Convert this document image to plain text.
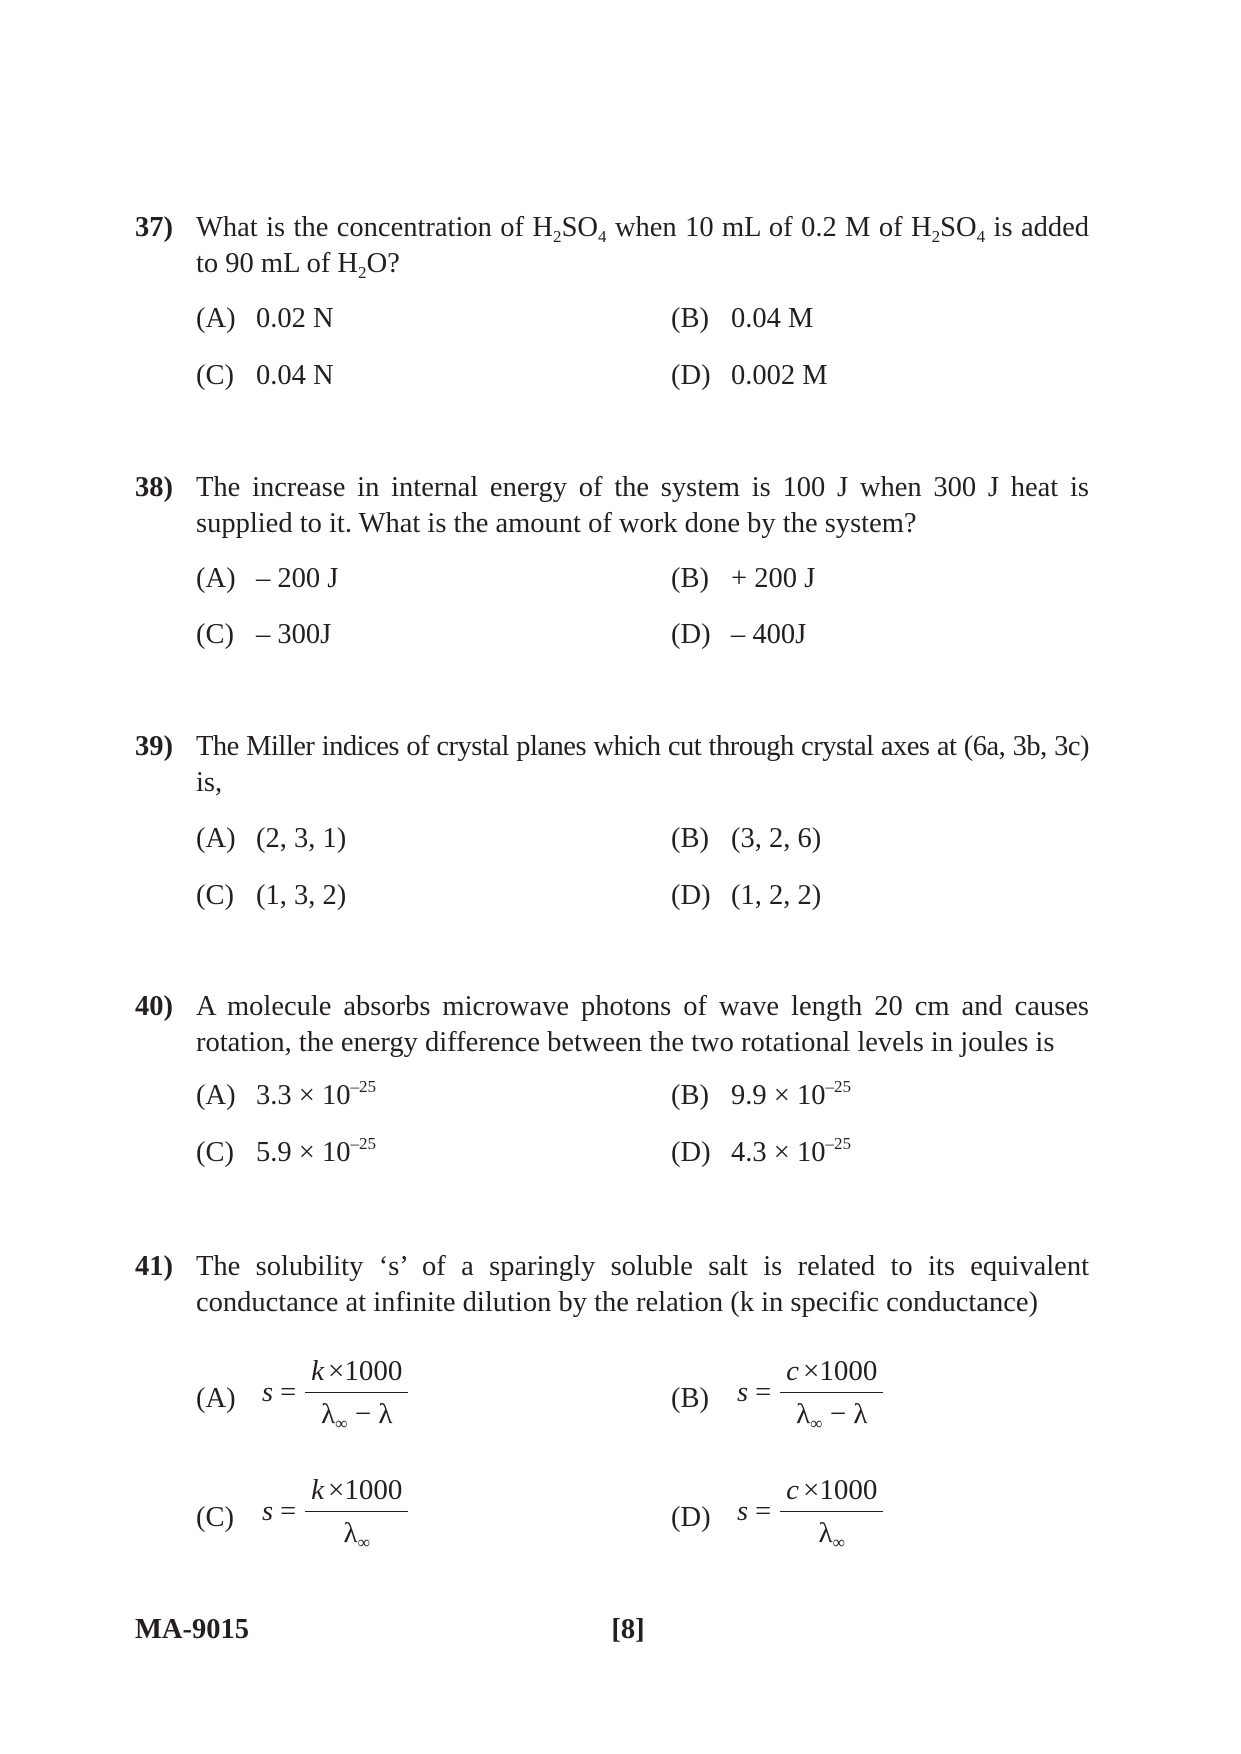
37) What is the concentration of $H_2SO_4$ when 10 mL of 0.2 M of $H_2SO_4$ is added
to 90 mL of $H_2O$?
(A) 0.02 N	(B) 0.04 M
(C) 0.04 N	(D) 0.002 M
38) The increase in internal energy of the system is 100 J when 300 J heat is
supplied to it. What is the amount of work done by the system?
(A) – 200 J	(B) + 200 J
(C) – 300J	(D) – 400J
39) The Miller indices of crystal planes which cut through crystal axes at (6a, 3b, 3c)
is,
(A) (2, 3, 1)	(B) (3, 2, 6)
(C) (1, 3, 2)	(D) (1, 2, 2)
40) A molecule absorbs microwave photons of wave length 20 cm and causes
rotation, the energy difference between the two rotational levels in joules is
(A) $3.3 \times 10^{-25}$	(B) $9.9 \times 10^{-25}$
(C) $5.9 \times 10^{-25}$	(D) $4.3 \times 10^{-25}$
41) The solubility ‘s’ of a sparingly soluble salt is related to its equivalent
conductance at infinite dilution by the relation (k in specific conductance)
(A) $s = \frac{k \times 1000}{\lambda_\infty - \lambda}$	(B) $s = \frac{c \times 1000}{\lambda_\infty - \lambda}$
(C) $s = \frac{k \times 1000}{\lambda_\infty}$	(D) $s = \frac{c \times 1000}{\lambda_\infty}$
MA-9015	[8]
